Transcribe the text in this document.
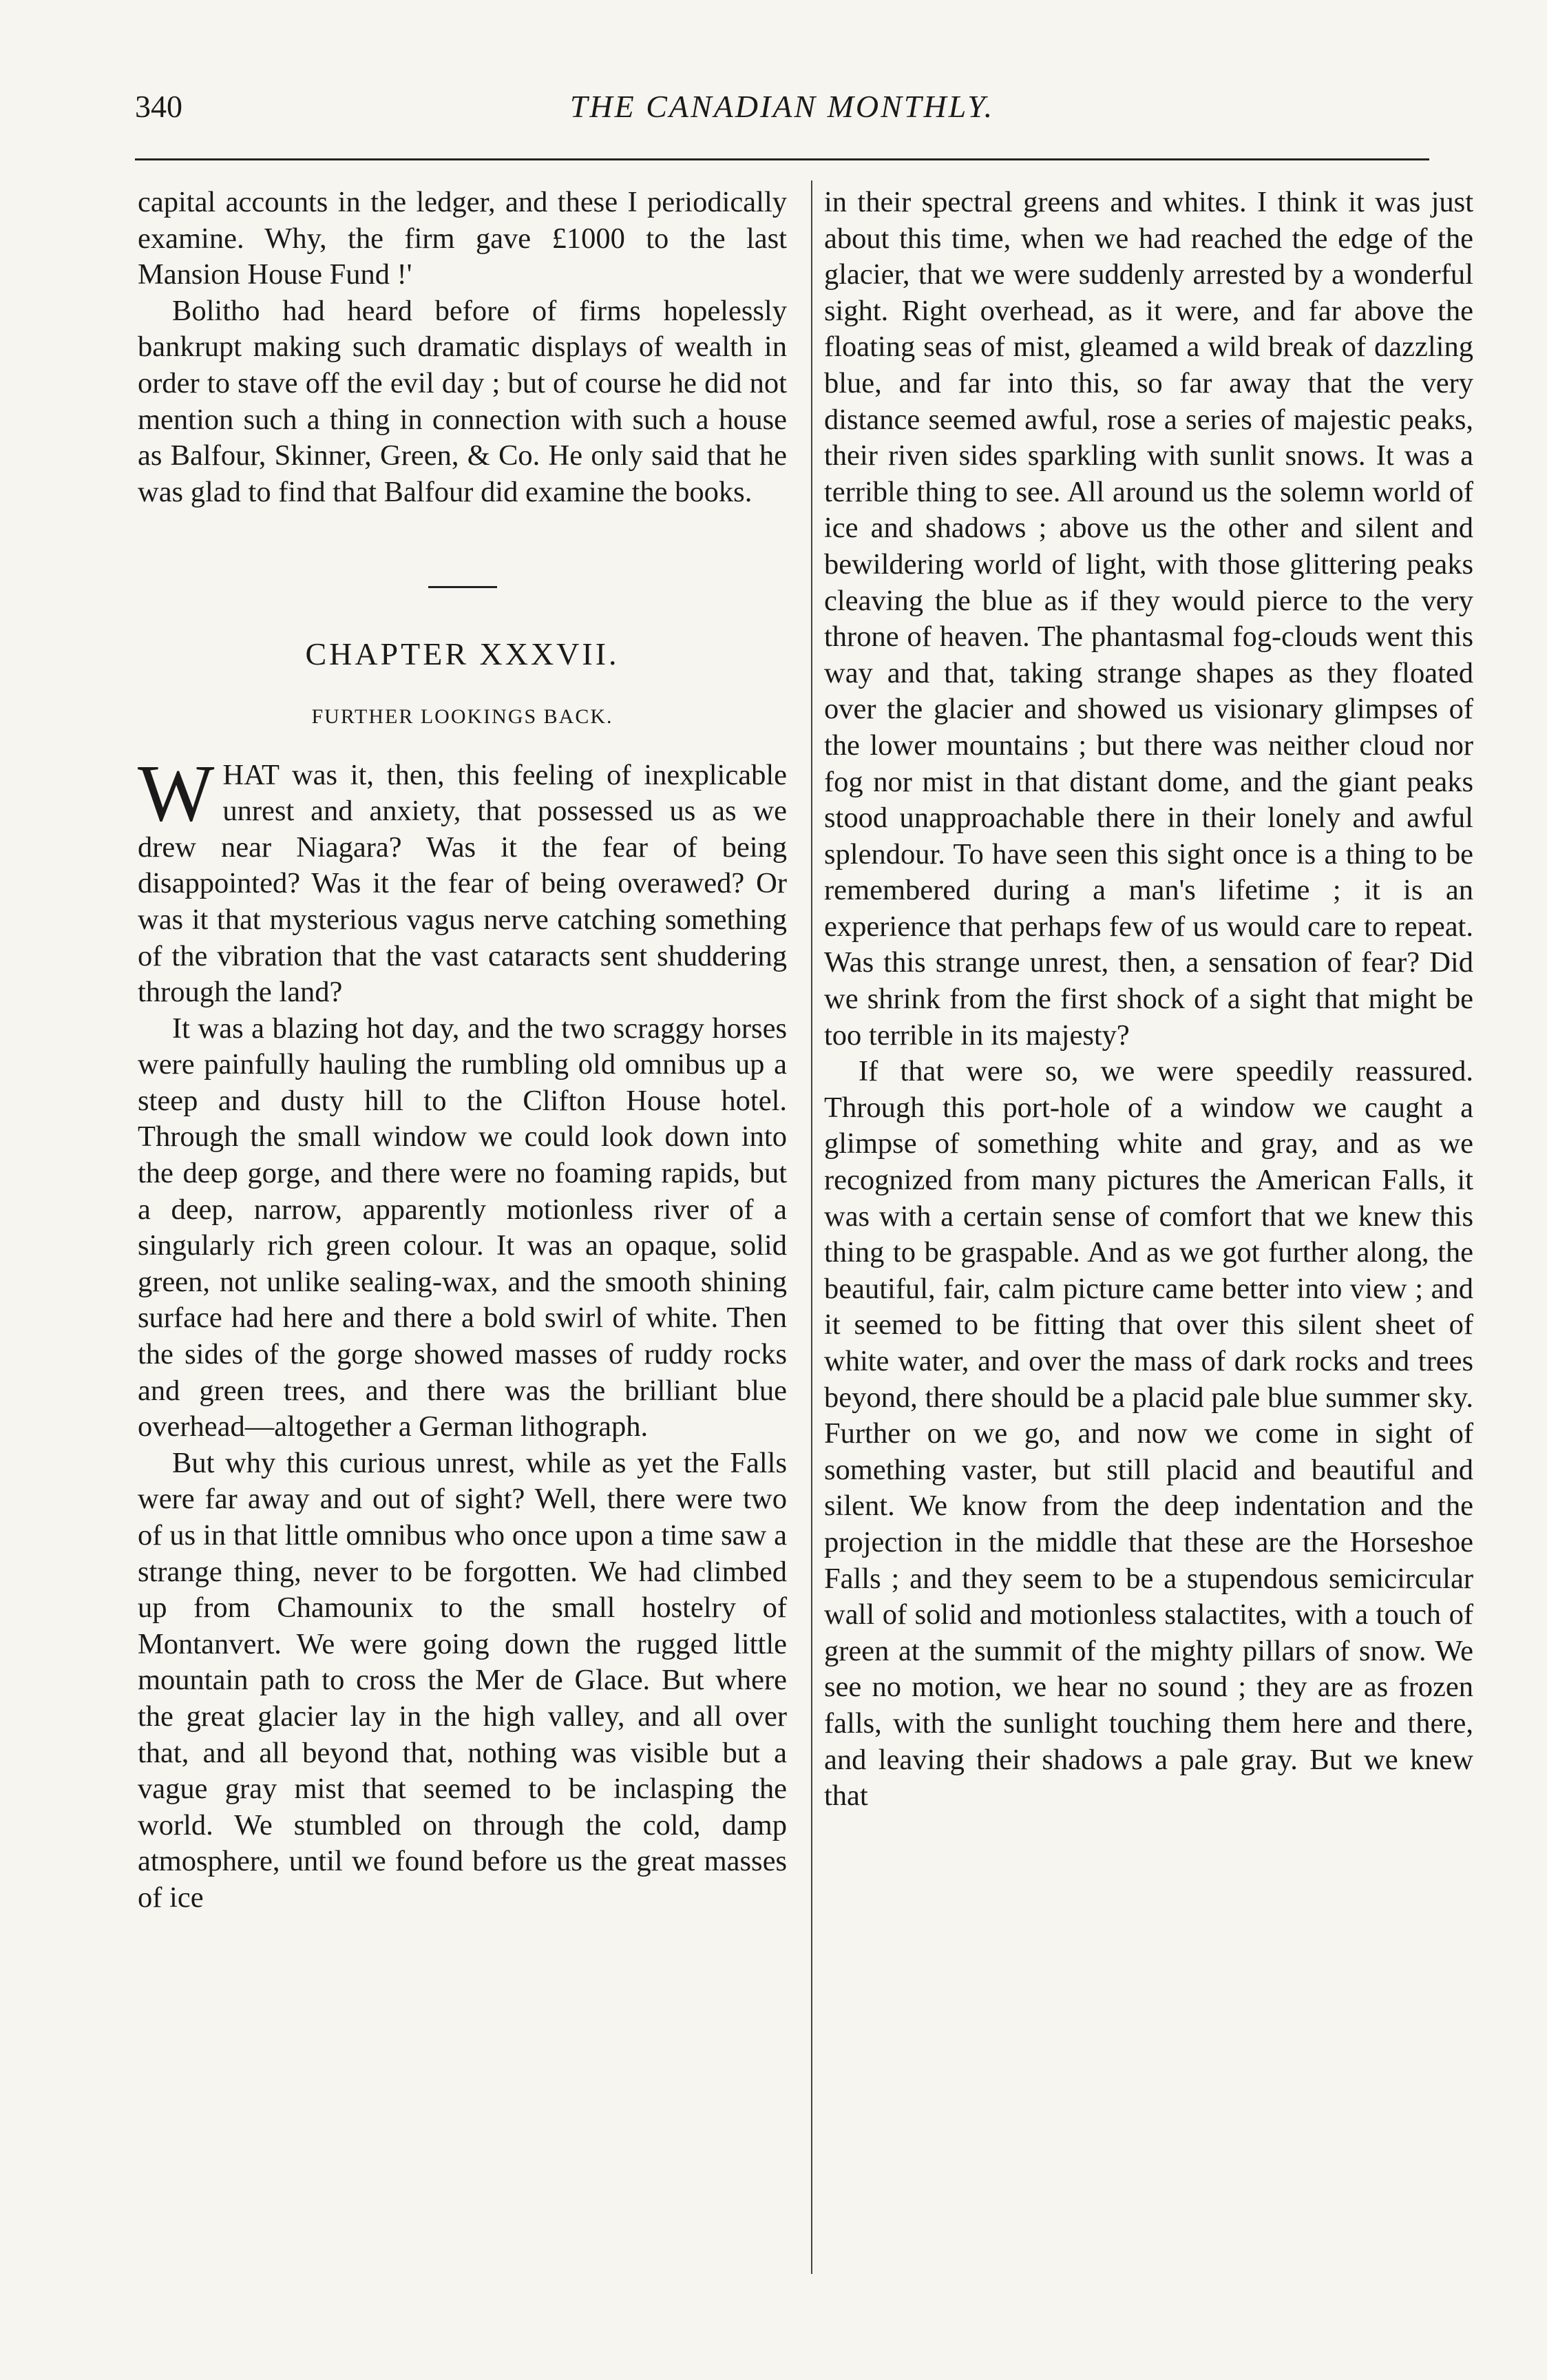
340	THE CANADIAN MONTHLY.

capital accounts in the ledger, and these I periodically examine. Why, the firm gave £1000 to the last Mansion House Fund !'

Bolitho had heard before of firms hopelessly bankrupt making such dramatic displays of wealth in order to stave off the evil day ; but of course he did not mention such a thing in connection with such a house as Balfour, Skinner, Green, & Co. He only said that he was glad to find that Balfour did examine the books.

CHAPTER XXXVII.
FURTHER LOOKINGS BACK.

WHAT was it, then, this feeling of inexplicable unrest and anxiety, that possessed us as we drew near Niagara? Was it the fear of being disappointed? Was it the fear of being overawed? Or was it that mysterious vagus nerve catching something of the vibration that the vast cataracts sent shuddering through the land?

It was a blazing hot day, and the two scraggy horses were painfully hauling the rumbling old omnibus up a steep and dusty hill to the Clifton House hotel. Through the small window we could look down into the deep gorge, and there were no foaming rapids, but a deep, narrow, apparently motionless river of a singularly rich green colour. It was an opaque, solid green, not unlike sealing-wax, and the smooth shining surface had here and there a bold swirl of white. Then the sides of the gorge showed masses of ruddy rocks and green trees, and there was the brilliant blue overhead—altogether a German lithograph.

But why this curious unrest, while as yet the Falls were far away and out of sight? Well, there were two of us in that little omnibus who once upon a time saw a strange thing, never to be forgotten. We had climbed up from Chamounix to the small hostelry of Montanvert. We were going down the rugged little mountain path to cross the Mer de Glace. But where the great glacier lay in the high valley, and all over that, and all beyond that, nothing was visible but a vague gray mist that seemed to be inclasping the world. We stumbled on through the cold, damp atmosphere, until we found before us the great masses of ice

in their spectral greens and whites. I think it was just about this time, when we had reached the edge of the glacier, that we were suddenly arrested by a wonderful sight. Right overhead, as it were, and far above the floating seas of mist, gleamed a wild break of dazzling blue, and far into this, so far away that the very distance seemed awful, rose a series of majestic peaks, their riven sides sparkling with sunlit snows. It was a terrible thing to see. All around us the solemn world of ice and shadows ; above us the other and silent and bewildering world of light, with those glittering peaks cleaving the blue as if they would pierce to the very throne of heaven. The phantasmal fog-clouds went this way and that, taking strange shapes as they floated over the glacier and showed us visionary glimpses of the lower mountains ; but there was neither cloud nor fog nor mist in that distant dome, and the giant peaks stood unapproachable there in their lonely and awful splendour. To have seen this sight once is a thing to be remembered during a man's lifetime ; it is an experience that perhaps few of us would care to repeat. Was this strange unrest, then, a sensation of fear? Did we shrink from the first shock of a sight that might be too terrible in its majesty?

If that were so, we were speedily reassured. Through this port-hole of a window we caught a glimpse of something white and gray, and as we recognized from many pictures the American Falls, it was with a certain sense of comfort that we knew this thing to be graspable. And as we got further along, the beautiful, fair, calm picture came better into view ; and it seemed to be fitting that over this silent sheet of white water, and over the mass of dark rocks and trees beyond, there should be a placid pale blue summer sky. Further on we go, and now we come in sight of something vaster, but still placid and beautiful and silent. We know from the deep indentation and the projection in the middle that these are the Horseshoe Falls ; and they seem to be a stupendous semicircular wall of solid and motionless stalactites, with a touch of green at the summit of the mighty pillars of snow. We see no motion, we hear no sound ; they are as frozen falls, with the sunlight touching them here and there, and leaving their shadows a pale gray. But we knew that
